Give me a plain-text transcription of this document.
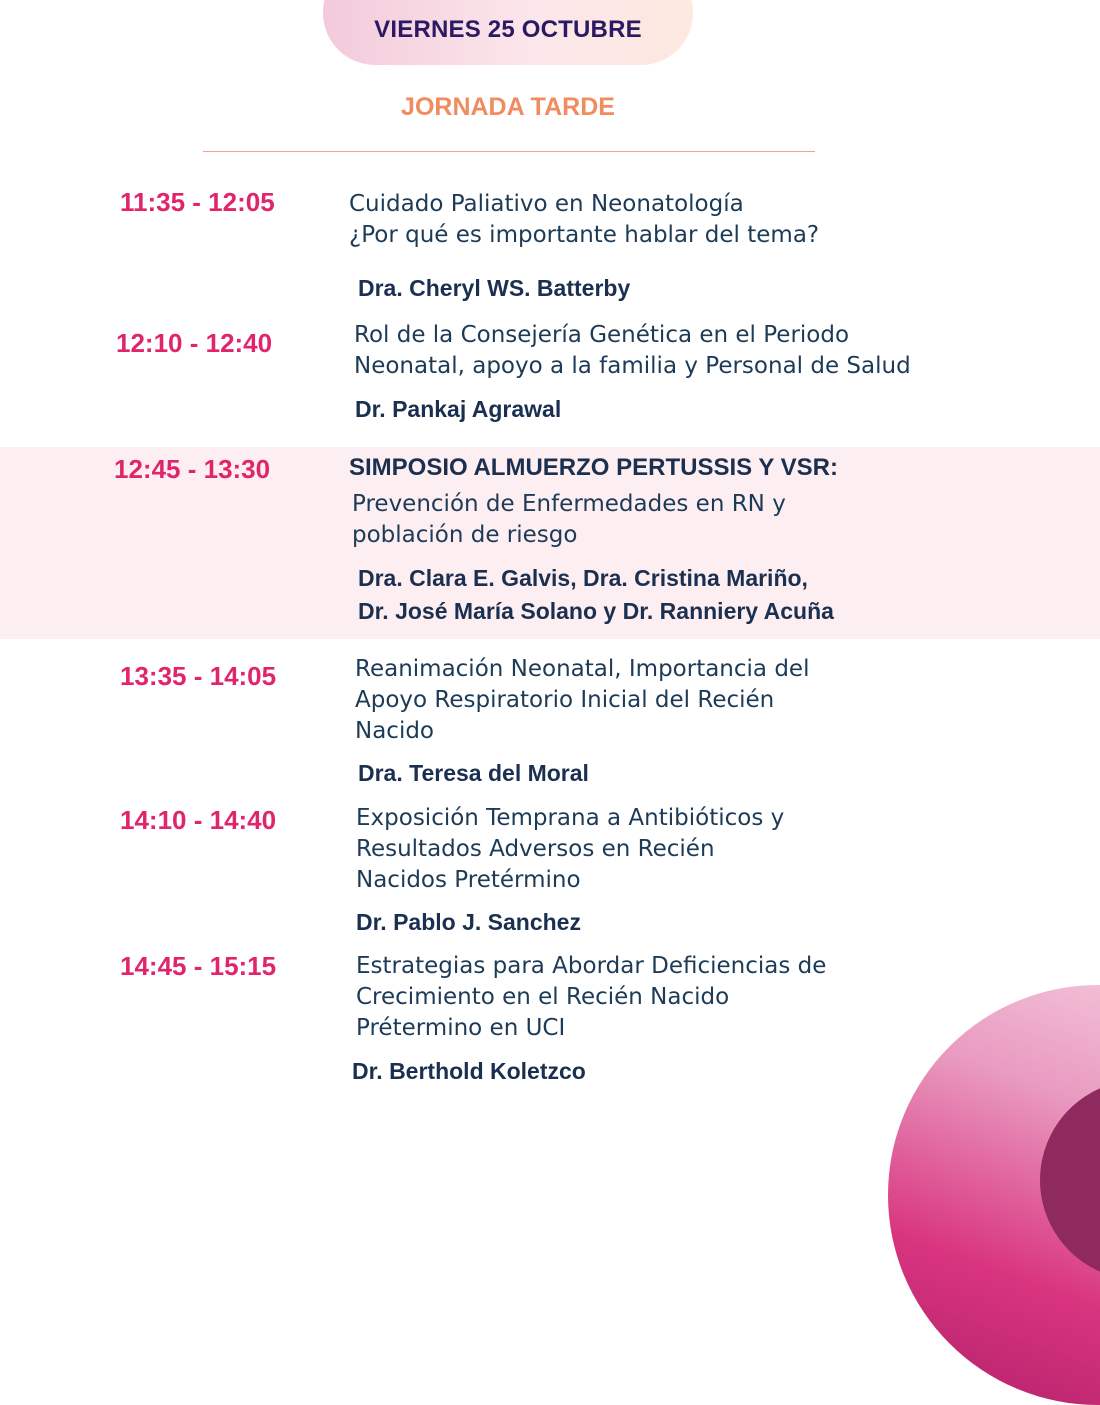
VIERNES 25 OCTUBRE
JORNADA TARDE
11:35 - 12:05	Cuidado Paliativo en Neonatología
¿Por qué es importante hablar del tema?
Dra. Cheryl WS. Batterby
12:10 - 12:40	Rol de la Consejería Genética en el Periodo
Neonatal, apoyo a la familia y Personal de Salud
Dr. Pankaj Agrawal
12:45 - 13:30	SIMPOSIO ALMUERZO PERTUSSIS Y VSR:
Prevención de Enfermedades en RN y
población de riesgo
Dra. Clara E. Galvis, Dra. Cristina Mariño,
Dr. José María Solano y Dr. Ranniery Acuña
13:35 - 14:05	Reanimación Neonatal, Importancia del
Apoyo Respiratorio Inicial del Recién
Nacido
Dra. Teresa del Moral
14:10 - 14:40	Exposición Temprana a Antibióticos y
Resultados Adversos en Recién
Nacidos Pretérmino
Dr. Pablo J. Sanchez
14:45 - 15:15	Estrategias para Abordar Deficiencias de
Crecimiento en el Recién Nacido
Prétermino en UCI
Dr. Berthold Koletzco
